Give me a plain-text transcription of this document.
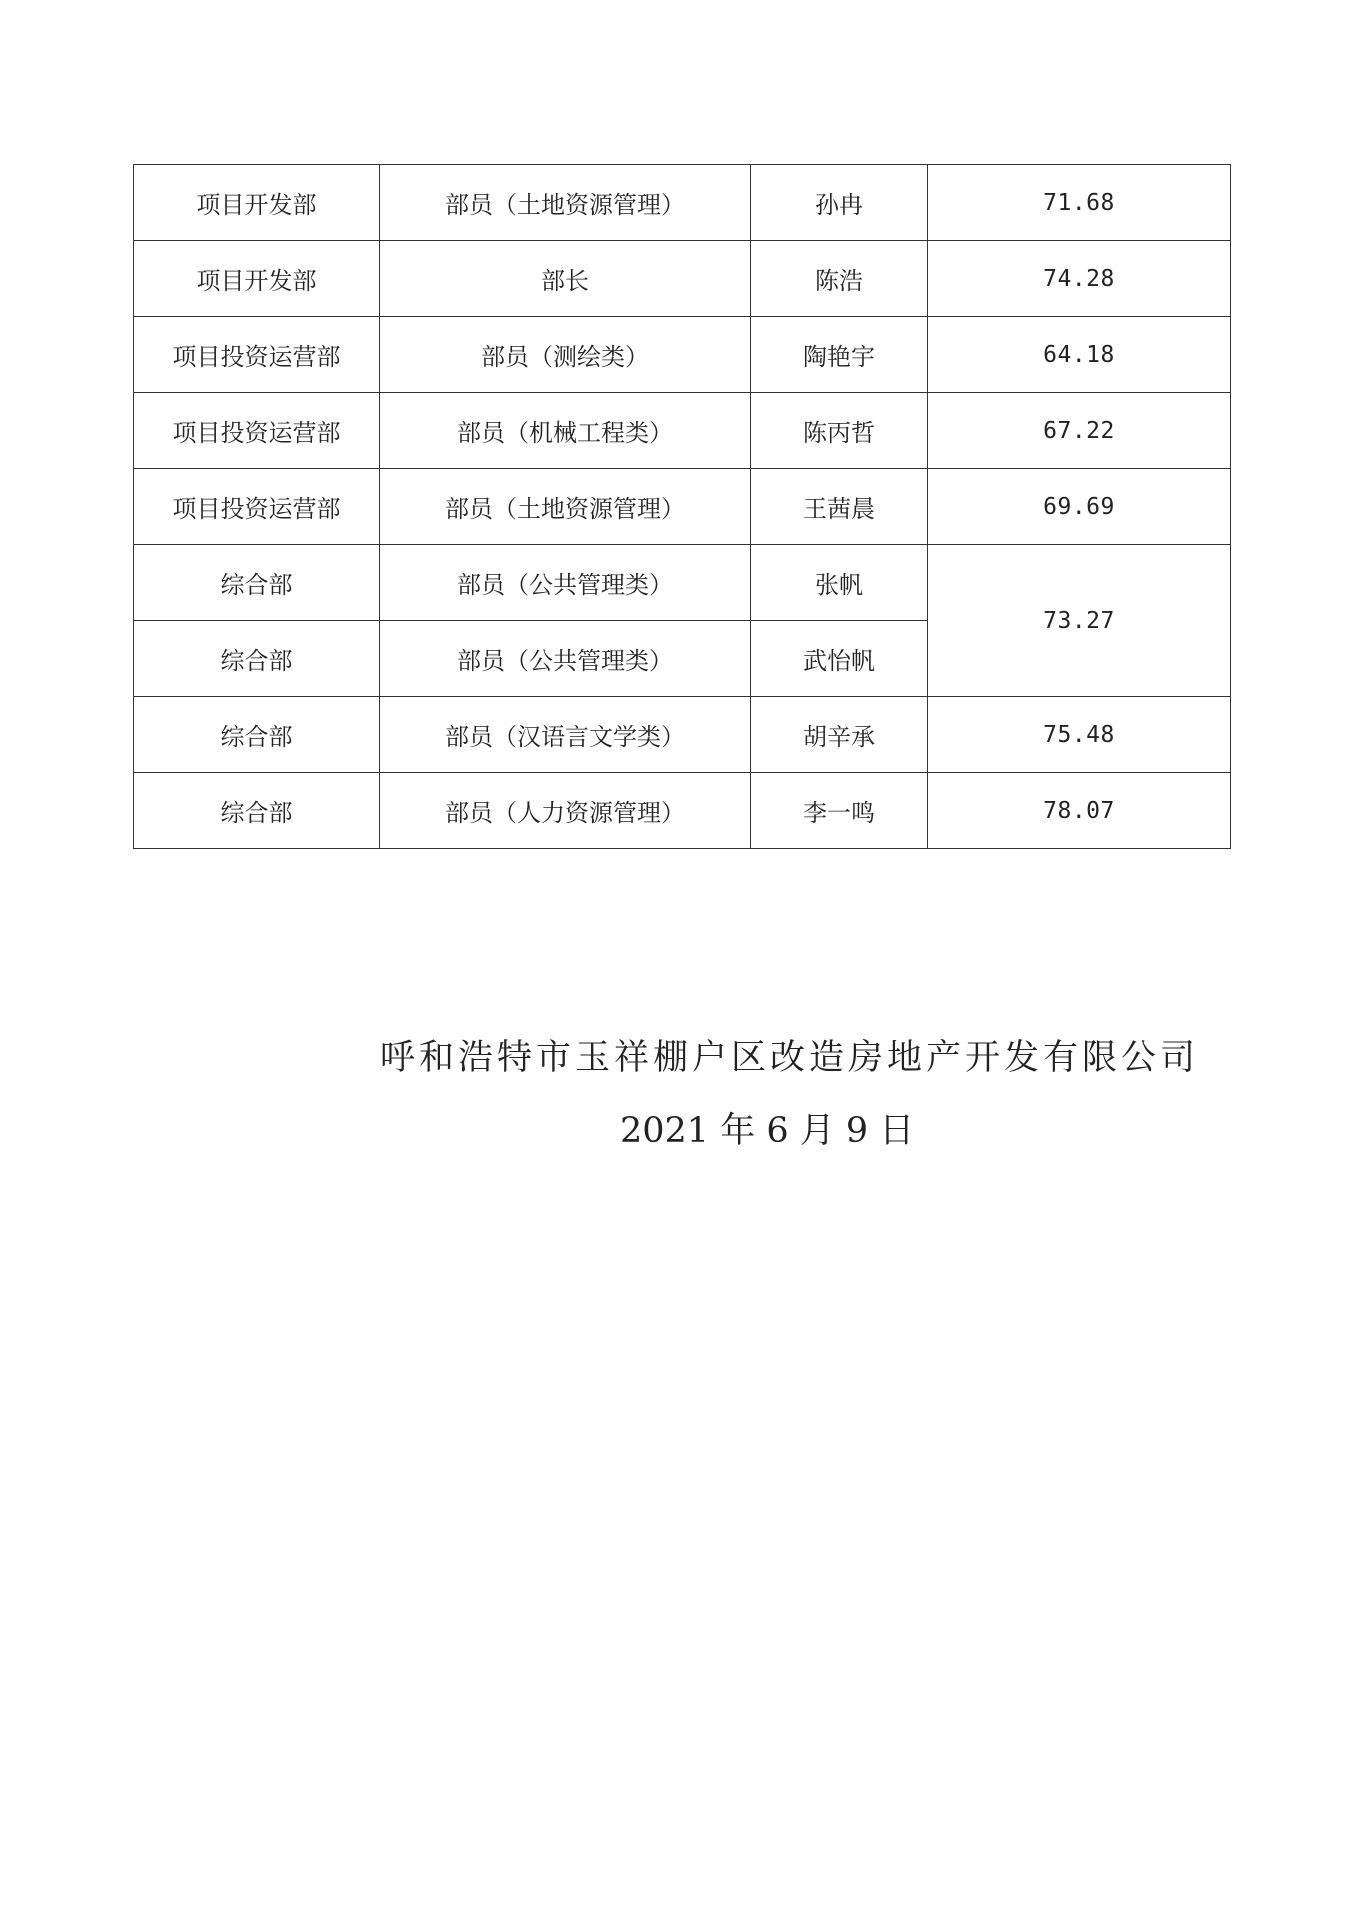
项目开发部	部员（土地资源管理）	孙冉	71.68
项目开发部	部长	陈浩	74.28
项目投资运营部	部员（测绘类）	陶艳宇	64.18
项目投资运营部	部员（机械工程类）	陈丙哲	67.22
项目投资运营部	部员（土地资源管理）	王茜晨	69.69
综合部	部员（公共管理类）	张帆	73.27
综合部	部员（公共管理类）	武怡帆	
综合部	部员（汉语言文学类）	胡辛承	75.48
综合部	部员（人力资源管理）	李一鸣	78.07
呼和浩特市玉祥棚户区改造房地产开发有限公司
2021 年 6 月 9 日
